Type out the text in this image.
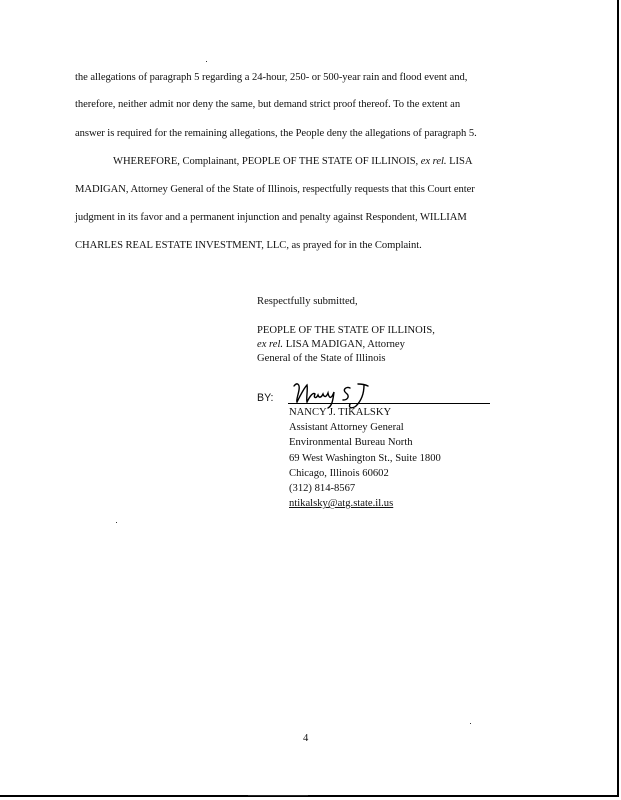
the allegations of paragraph 5 regarding a 24-hour, 250- or 500-year rain and flood event and,
therefore, neither admit nor deny the same, but demand strict proof thereof. To the extent an
answer is required for the remaining allegations, the People deny the allegations of paragraph 5.
WHEREFORE, Complainant, PEOPLE OF THE STATE OF ILLINOIS, ex rel. LISA
MADIGAN, Attorney General of the State of Illinois, respectfully requests that this Court enter
judgment in its favor and a permanent injunction and penalty against Respondent, WILLIAM
CHARLES REAL ESTATE INVESTMENT, LLC, as prayed for in the Complaint.
Respectfully submitted,
PEOPLE OF THE STATE OF ILLINOIS,
ex rel. LISA MADIGAN, Attorney
General of the State of Illinois
BY:
NANCY J. TIKALSKY
Assistant Attorney General
Environmental Bureau North
69 West Washington St., Suite 1800
Chicago, Illinois 60602
(312) 814-8567
ntikalsky@atg.state.il.us
4
